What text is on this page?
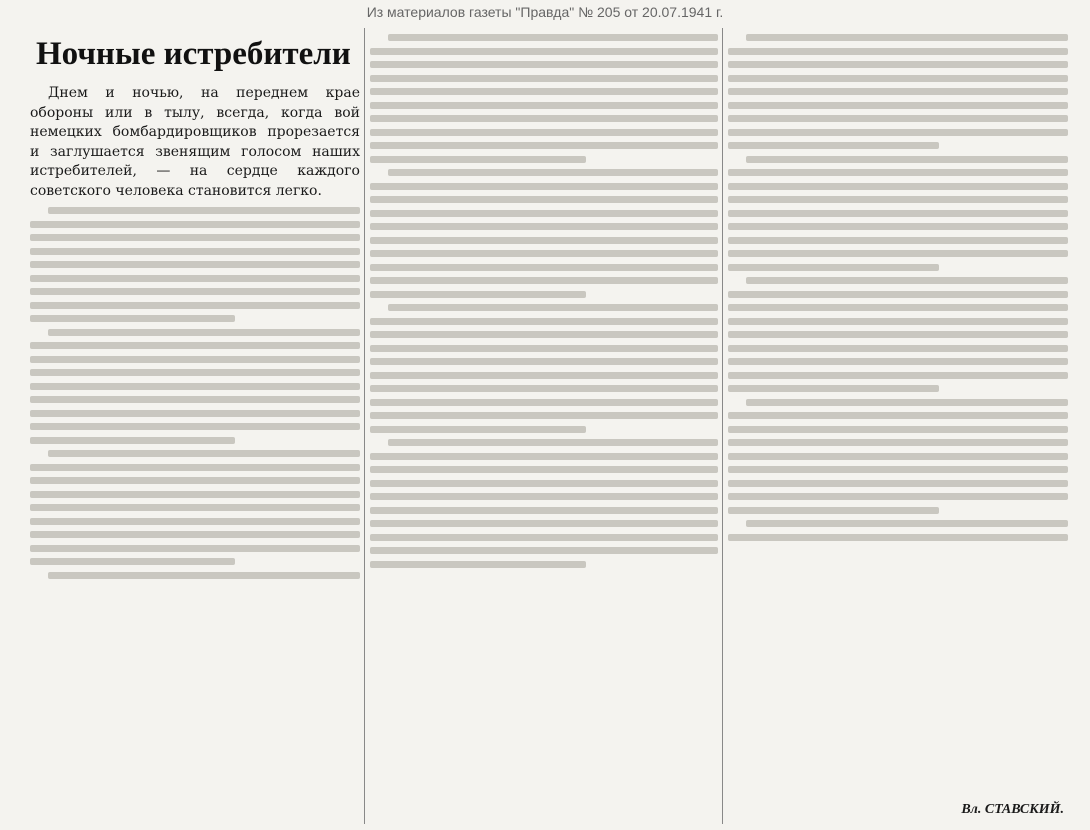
Из материалов газеты "Правда" № 205 от 20.07.1941 г.
Ночные истребители

Днем и ночью, на переднем крае обороны или в тылу, всегда, когда вой немецких бомбардировщиков прорезается и заглушается звенящим голосом наших истребителей, — на сердце каждого советского человека становится легко.

Вл. СТАВСКИЙ.
